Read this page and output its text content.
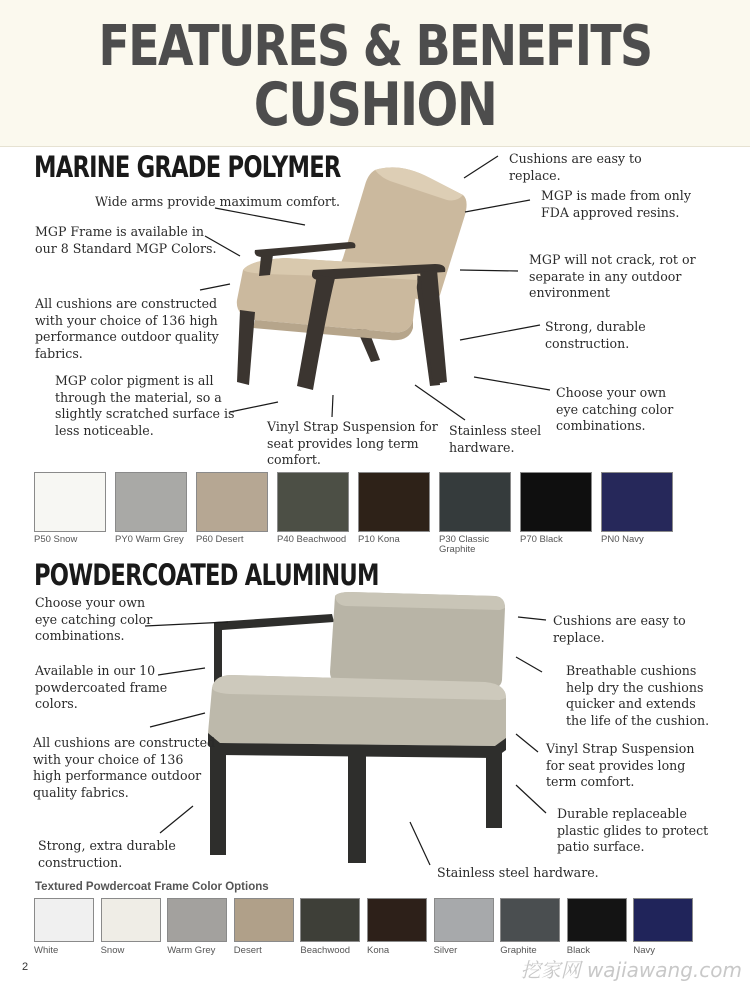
FEATURES & BENEFITS
CUSHION
MARINE GRADE POLYMER
Wide arms provide maximum comfort.
MGP Frame is available in
our 8 Standard MGP Colors.
All cushions are constructed
with your choice of 136 high
performance outdoor quality
fabrics.
MGP color pigment is all
through the material, so a
slightly scratched surface is
less noticeable.	Vinyl Strap Suspension for
seat provides long term
comfort.
Stainless steel
hardware.
Cushions are easy to
replace.
MGP is made from only
FDA approved resins.
MGP will not crack, rot or
separate in any outdoor
environment
Strong, durable
construction.
Choose your own
eye catching color
combinations.
P50 Snow	PY0 Warm Grey P60 Desert	P40 Beachwood P10 Kona	P30 Classic
Graphite
P70 Black	PN0 Navy
POWDERCOATED ALUMINUM
Choose your own
eye catching color
combinations.
Available in our 10
powdercoated frame
colors.
All cushions are constructed
with your choice of 136
high performance outdoor
quality fabrics.
Strong, extra durable
construction.
Stainless steel hardware.
Cushions are easy to
replace.
Breathable cushions
help dry the cushions
quicker and extends
the life of the cushion.
Vinyl Strap Suspension
for seat provides long
term comfort.
Durable replaceable
plastic glides to protect
patio surface.
Textured Powdercoat Frame Color Options
White	Snow	Warm Grey Desert	Beachwood Kona	Silver	Graphite	Black	Navy
2	挖家网 wajiawang.com
